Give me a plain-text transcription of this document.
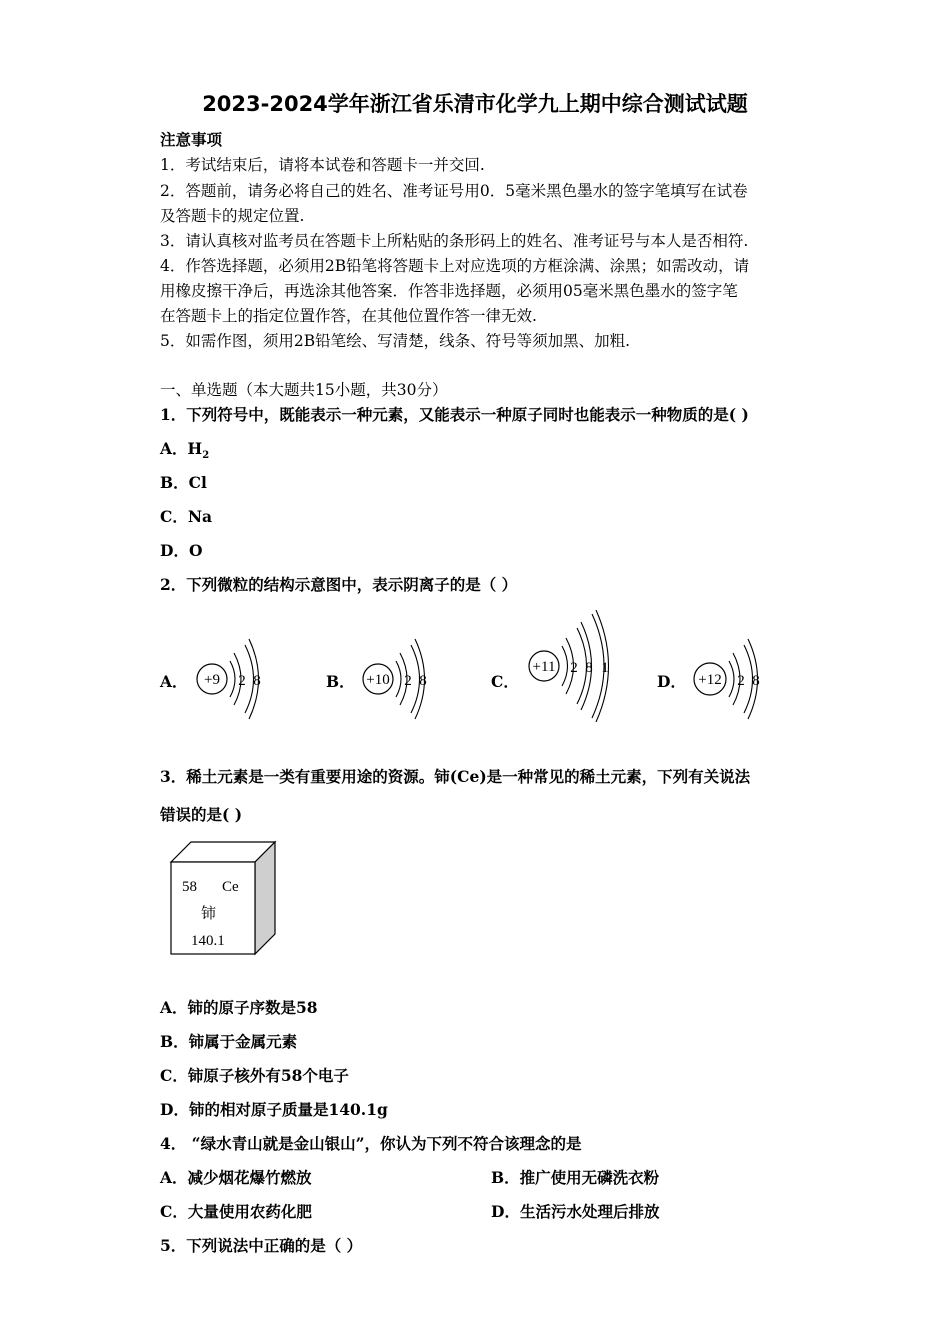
2023-2024学年浙江省乐清市化学九上期中综合测试试题
注意事项
1．考试结束后，请将本试卷和答题卡一并交回.
2．答题前，请务必将自己的姓名、准考证号用0．5毫米黑色墨水的签字笔填写在试卷
及答题卡的规定位置.
3．请认真核对监考员在答题卡上所粘贴的条形码上的姓名、准考证号与本人是否相符.
4．作答选择题，必须用2B铅笔将答题卡上对应选项的方框涂满、涂黑；如需改动，请
用橡皮擦干净后，再选涂其他答案．作答非选择题，必须用05毫米黑色墨水的签字笔
在答题卡上的指定位置作答，在其他位置作答一律无效.
5．如需作图，须用2B铅笔绘、写清楚，线条、符号等须加黑、加粗.
一、单选题（本大题共15小题，共30分）
1．下列符号中，既能表示一种元素，又能表示一种原子同时也能表示一种物质的是( )
A．$H_2$
B．Cl
C．Na
D．O
2．下列微粒的结构示意图中，表示阴离子的是（ ）
A． +9 2 8	B． +10 2 8	C．
+11 2 8 1
D． +12 2 8
3．稀土元素是一类有重要用途的资源。铈(Ce)是一种常见的稀土元素，下列有关说法
错误的是( )
58 Ce
铈
140.1
A．铈的原子序数是58
B．铈属于金属元素
C．铈原子核外有58个电子
D．铈的相对原子质量是140.1g
4． “绿水青山就是金山银山”，你认为下列不符合该理念的是
A．减少烟花爆竹燃放	B．推广使用无磷洗衣粉
C．大量使用农药化肥	D．生活污水处理后排放
5．下列说法中正确的是（ ）
